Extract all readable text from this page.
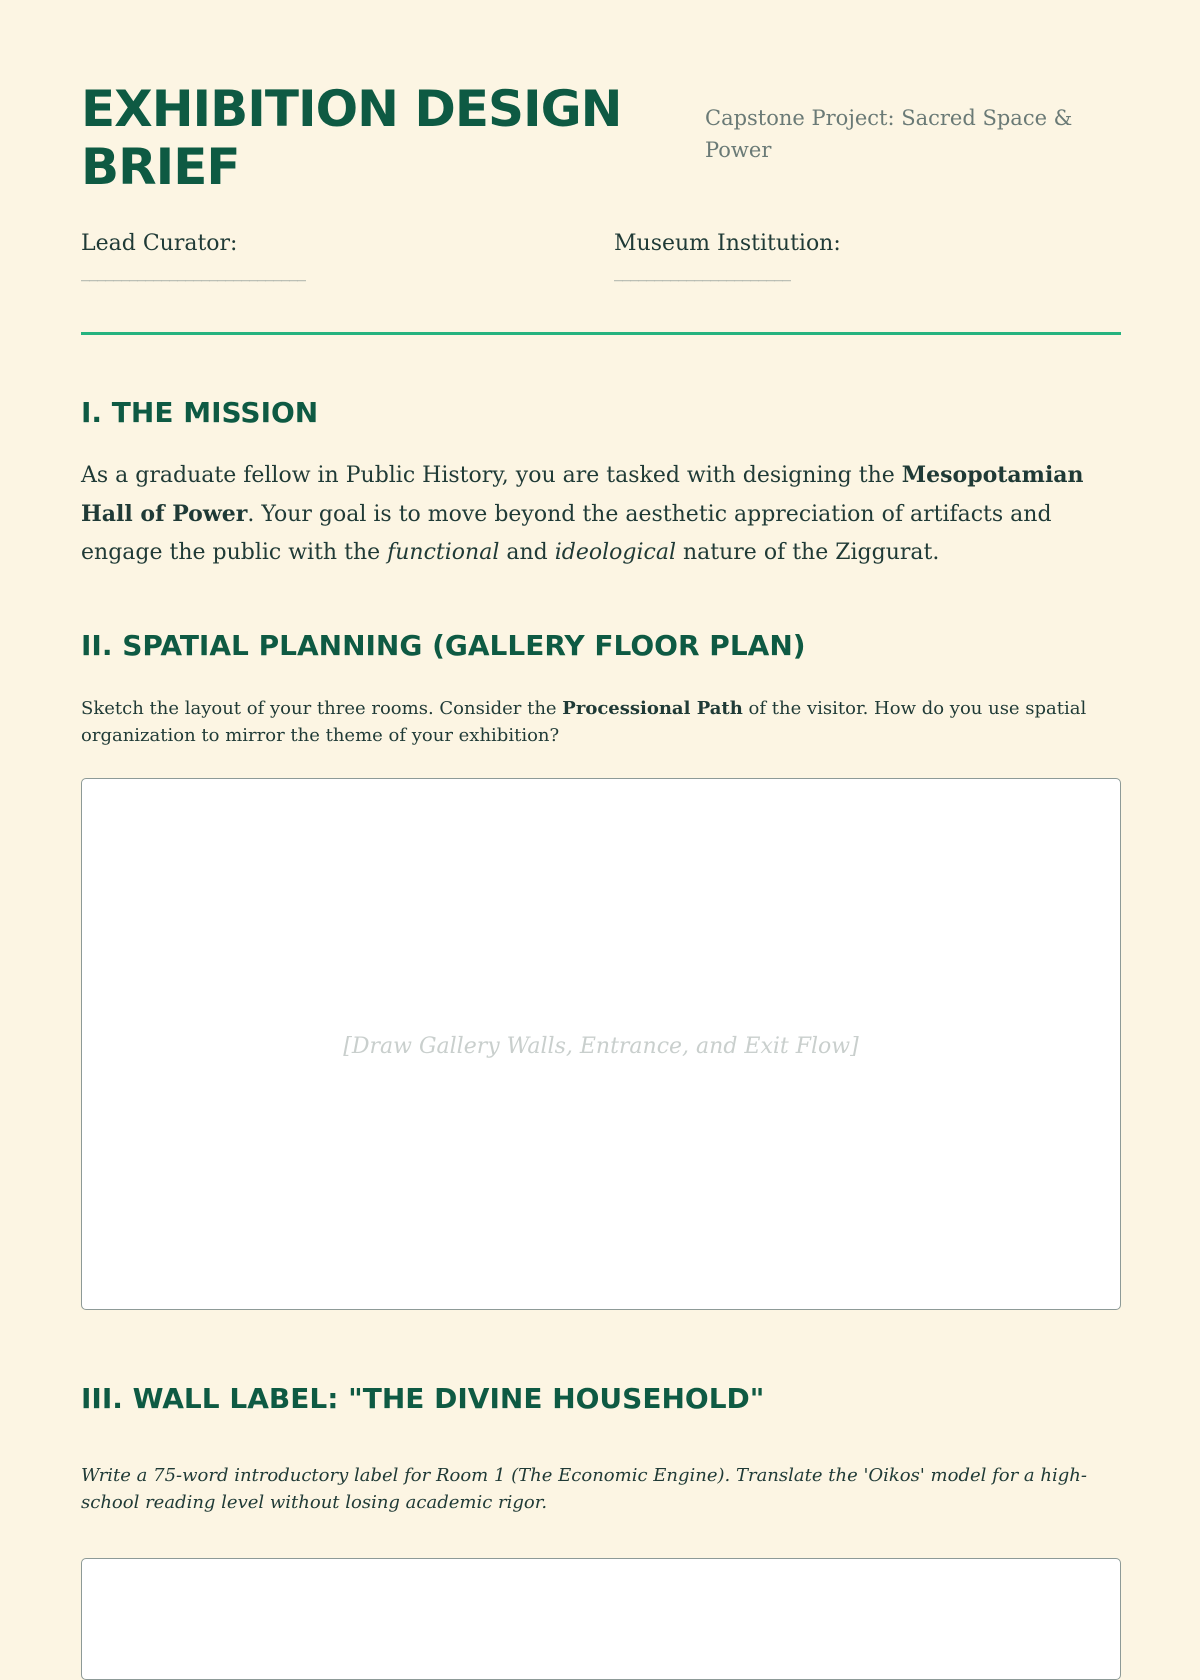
EXHIBITION DESIGN BRIEF
Capstone Project: Sacred Space & Power
Lead Curator:
____________________________
Museum Institution:
______________________
I. THE MISSION

As a graduate fellow in Public History, you are tasked with designing the Mesopotamian Hall of Power. Your goal is to move beyond the aesthetic appreciation of artifacts and engage the public with the functional and ideological nature of the Ziggurat.

II. SPATIAL PLANNING (GALLERY FLOOR PLAN)

Sketch the layout of your three rooms. Consider the Processional Path of the visitor. How do you use spatial organization to mirror the theme of your exhibition?

[Draw Gallery Walls, Entrance, and Exit Flow]
III. WALL LABEL: "THE DIVINE HOUSEHOLD"

Write a 75-word introductory label for Room 1 (The Economic Engine). Translate the 'Oikos' model for a high-school reading level without losing academic rigor.
